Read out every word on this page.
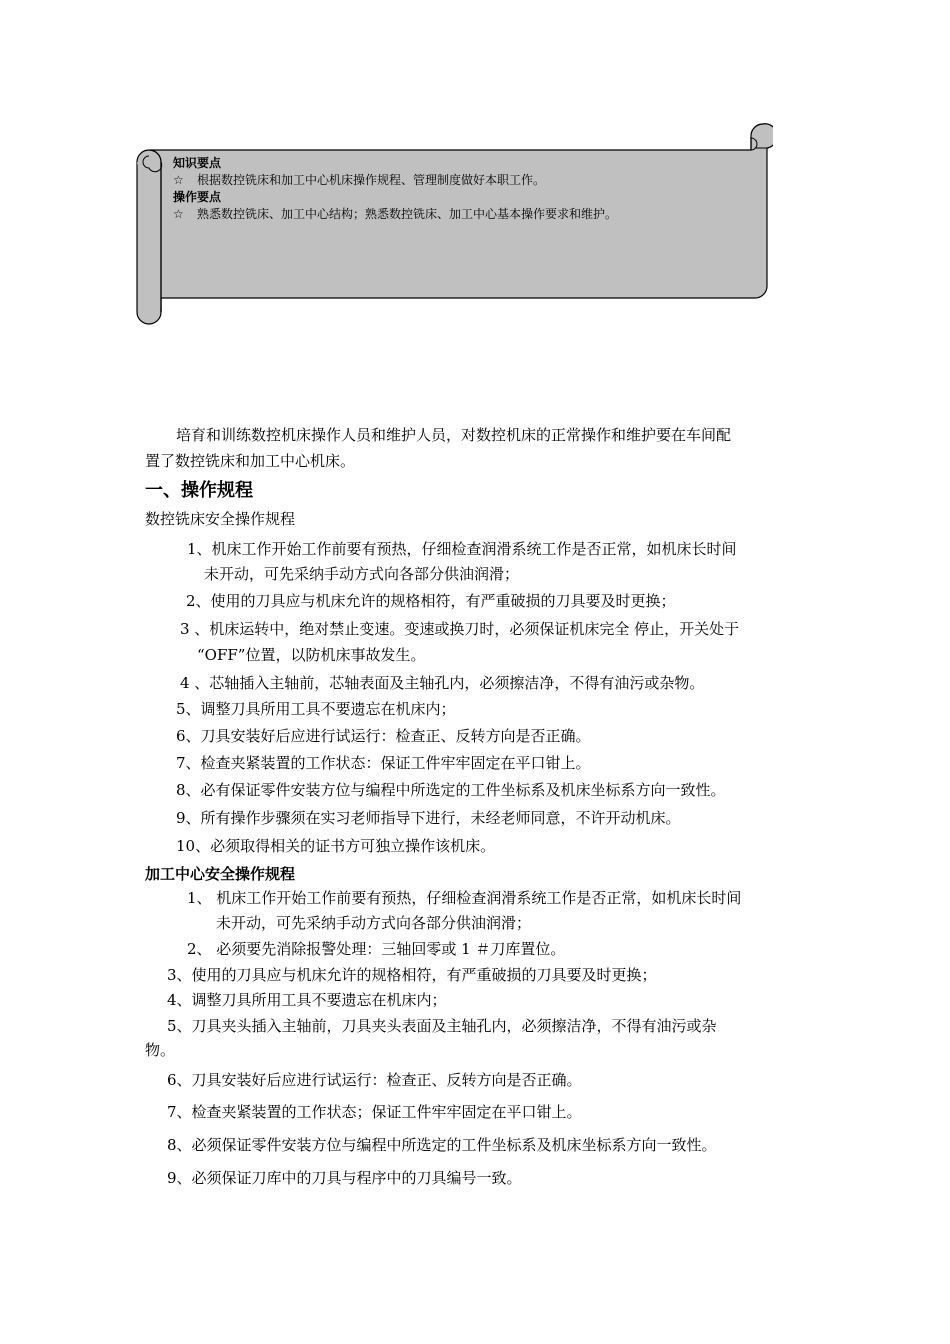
知识要点
☆ 根据数控铣床和加工中心机床操作规程、管理制度做好本职工作。
操作要点
☆ 熟悉数控铣床、加工中心结构；熟悉数控铣床、加工中心基本操作要求和维护。
培育和训练数控机床操作人员和维护人员，对数控机床的正常操作和维护要在车间配
置了数控铣床和加工中心机床。
一、操作规程
数控铣床安全操作规程
1、机床工作开始工作前要有预热，仔细检查润滑系统工作是否正常，如机床长时间
未开动，可先采纳手动方式向各部分供油润滑；
2、使用的刀具应与机床允许的规格相符，有严重破损的刀具要及时更换；
3 、机床运转中，绝对禁止变速。变速或换刀时，必须保证机床完全 停止，开关处于
“OFF”位置，以防机床事故发生。
4 、芯轴插入主轴前，芯轴表面及主轴孔内，必须擦洁净，不得有油污或杂物。
5、调整刀具所用工具不要遗忘在机床内；
6、刀具安装好后应进行试运行：检查正、反转方向是否正确。
7、检查夹紧装置的工作状态：保证工件牢牢固定在平口钳上。
8、必有保证零件安装方位与编程中所选定的工件坐标系及机床坐标系方向一致性。
9、所有操作步骤须在实习老师指导下进行，未经老师同意，不许开动机床。
10、必须取得相关的证书方可独立操作该机床。
加工中心安全操作规程
1、 机床工作开始工作前要有预热，仔细检查润滑系统工作是否正常，如机床长时间
未开动，可先采纳手动方式向各部分供油润滑；
2、 必须要先消除报警处理：三轴回零或 1 ＃刀库置位。
3、使用的刀具应与机床允许的规格相符，有严重破损的刀具要及时更换；
4、调整刀具所用工具不要遗忘在机床内；
5、刀具夹头插入主轴前，刀具夹头表面及主轴孔内，必须擦洁净，不得有油污或杂
物。
6、刀具安装好后应进行试运行：检查正、反转方向是否正确。
7、检查夹紧装置的工作状态；保证工件牢牢固定在平口钳上。
8、必须保证零件安装方位与编程中所选定的工件坐标系及机床坐标系方向一致性。
9、必须保证刀库中的刀具与程序中的刀具编号一致。
